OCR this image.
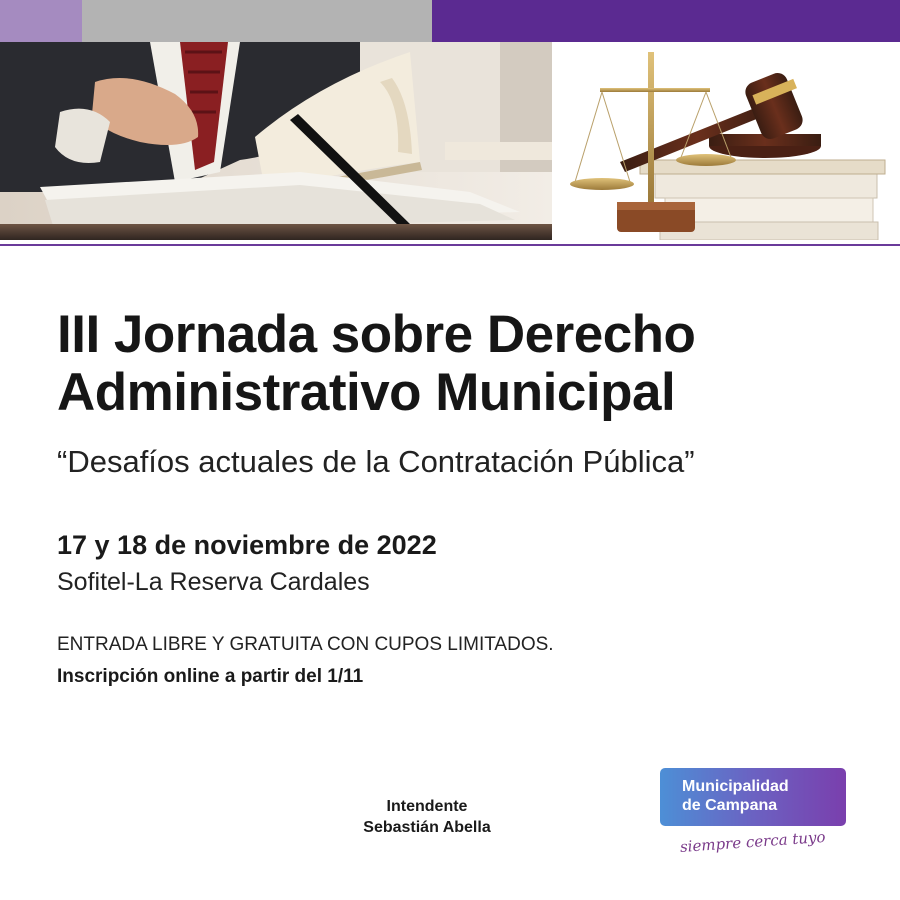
III Jornada sobre Derecho
Administrativo Municipal

“Desafíos actuales de la Contratación Pública”

17 y 18 de noviembre de 2022

Sofitel-La Reserva Cardales

ENTRADA LIBRE Y GRATUITA CON CUPOS LIMITADOS.

Inscripción online a partir del 1/11

Intendente
Sebastián Abella
Municipalidad
de Campana
siempre cerca tuyo
